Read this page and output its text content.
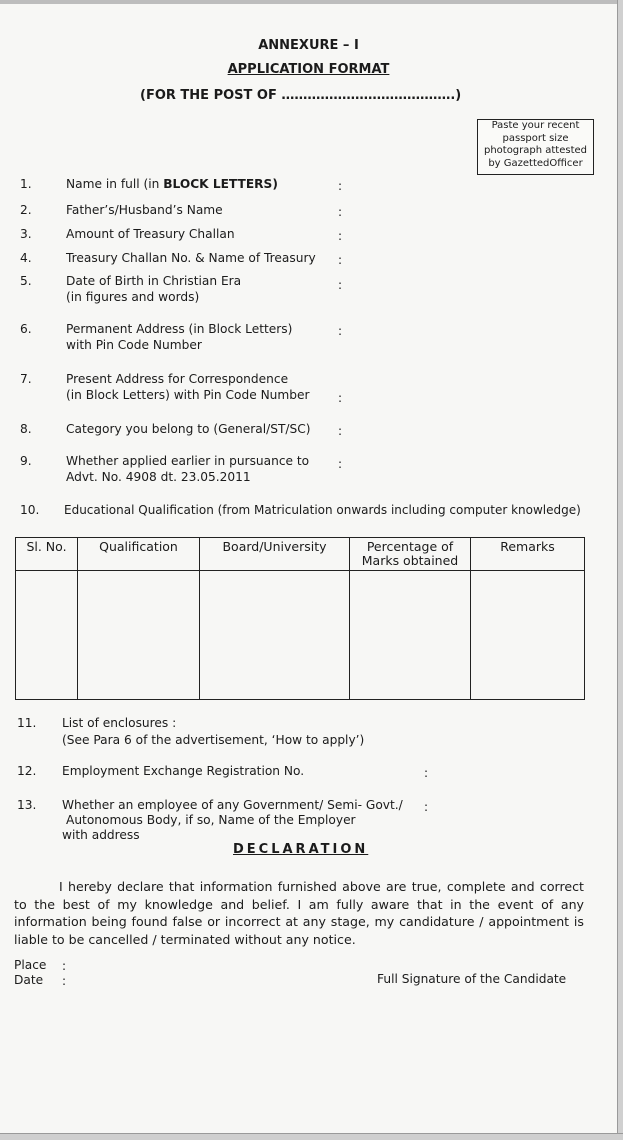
ANNEXURE – I
APPLICATION FORMAT
(FOR THE POST OF ………………………………….)
Paste your recent
passport size
photograph attested
by GazettedOfficer
1.	Name in full (in BLOCK LETTERS)	:
2.	Father’s/Husband’s Name	:
3.	Amount of Treasury Challan	:
4.	Treasury Challan No. & Name of Treasury :
5.	Date of Birth in Christian Era
(in figures and words)
:
6.	Permanent Address (in Block Letters)
with Pin Code Number
:
7.	Present Address for Correspondence
(in Block Letters) with Pin Code Number :
8.	Category you belong to (General/ST/SC) :
9.	Whether applied earlier in pursuance to
Advt. No. 4908 dt. 23.05.2011
:
10. Educational Qualification (from Matriculation onwards including computer knowledge)
Sl. No.	Qualification	Board/University	Percentage of Marks obtained	Remarks

11. List of enclosures :
(See Para 6 of the advertisement, ‘How to apply’)
12. Employment Exchange Registration No.	:
13. Whether an employee of any Government/ Semi- Govt./
Autonomous Body, if so, Name of the Employer
with address
:
DECLARATION
I hereby declare that information furnished above are true, complete and correct to the best of my knowledge and belief. I am fully aware that in the event of any information being found false or incorrect at any stage, my candidature / appointment is liable to be cancelled / terminated without any notice.
Place :
Date :	Full Signature of the Candidate
